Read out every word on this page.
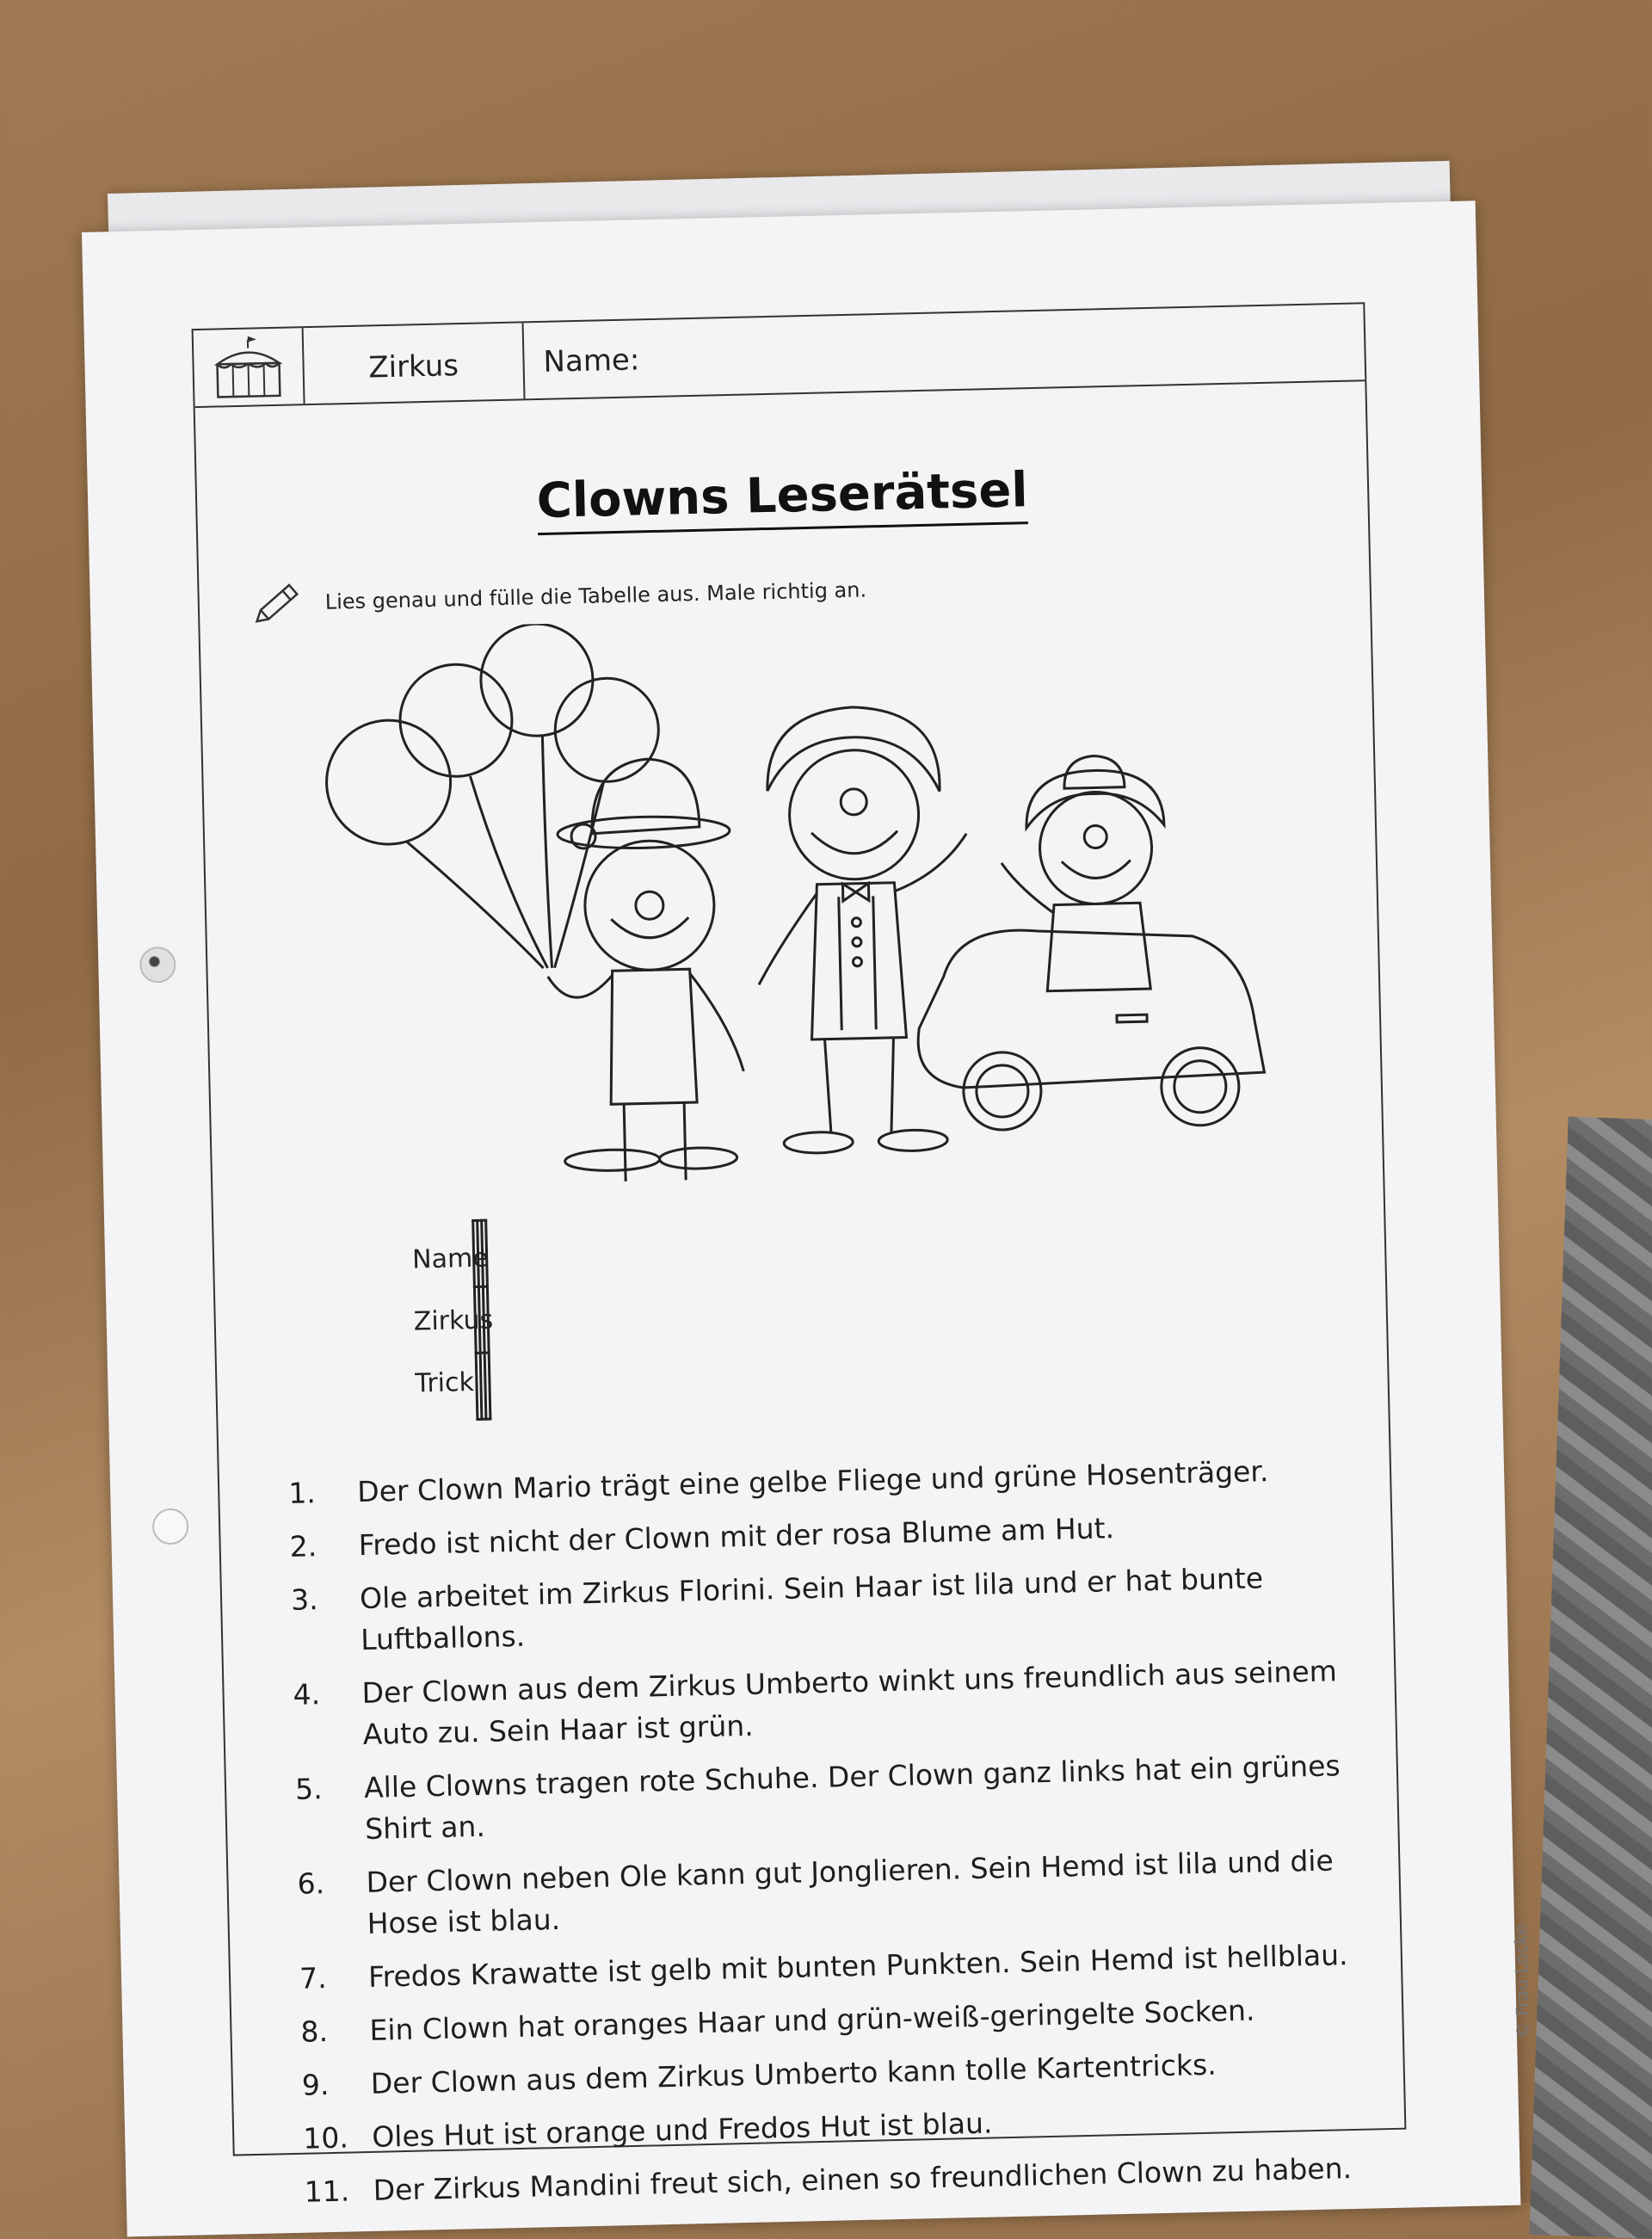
Zirkus	Name:
Clowns Leserätsel
Lies genau und fülle die Tabelle aus. Male richtig an.
Name
Zirkus
Trick

1.	Der Clown Mario trägt eine gelbe Fliege und grüne Hosenträger.
2.	Fredo ist nicht der Clown mit der rosa Blume am Hut.
3.	Ole arbeitet im Zirkus Florini. Sein Haar ist lila und er hat bunte Luftballons.
4.	Der Clown aus dem Zirkus Umberto winkt uns freundlich aus seinem Auto zu. Sein Haar ist grün.
5.	Alle Clowns tragen rote Schuhe. Der Clown ganz links hat ein grünes Shirt an.
6.	Der Clown neben Ole kann gut Jonglieren. Sein Hemd ist lila und die Hose ist blau.
7.	Fredos Krawatte ist gelb mit bunten Punkten. Sein Hemd ist hellblau.
8.	Ein Clown hat oranges Haar und grün-weiß-geringelte Socken.
9.	Der Clown aus dem Zirkus Umberto kann tolle Kartentricks.
10. Oles Hut ist orange und Fredos Hut ist blau.
11. Der Zirkus Mandini freut sich, einen so freundlichen Clown zu haben.
© Frau Locke
